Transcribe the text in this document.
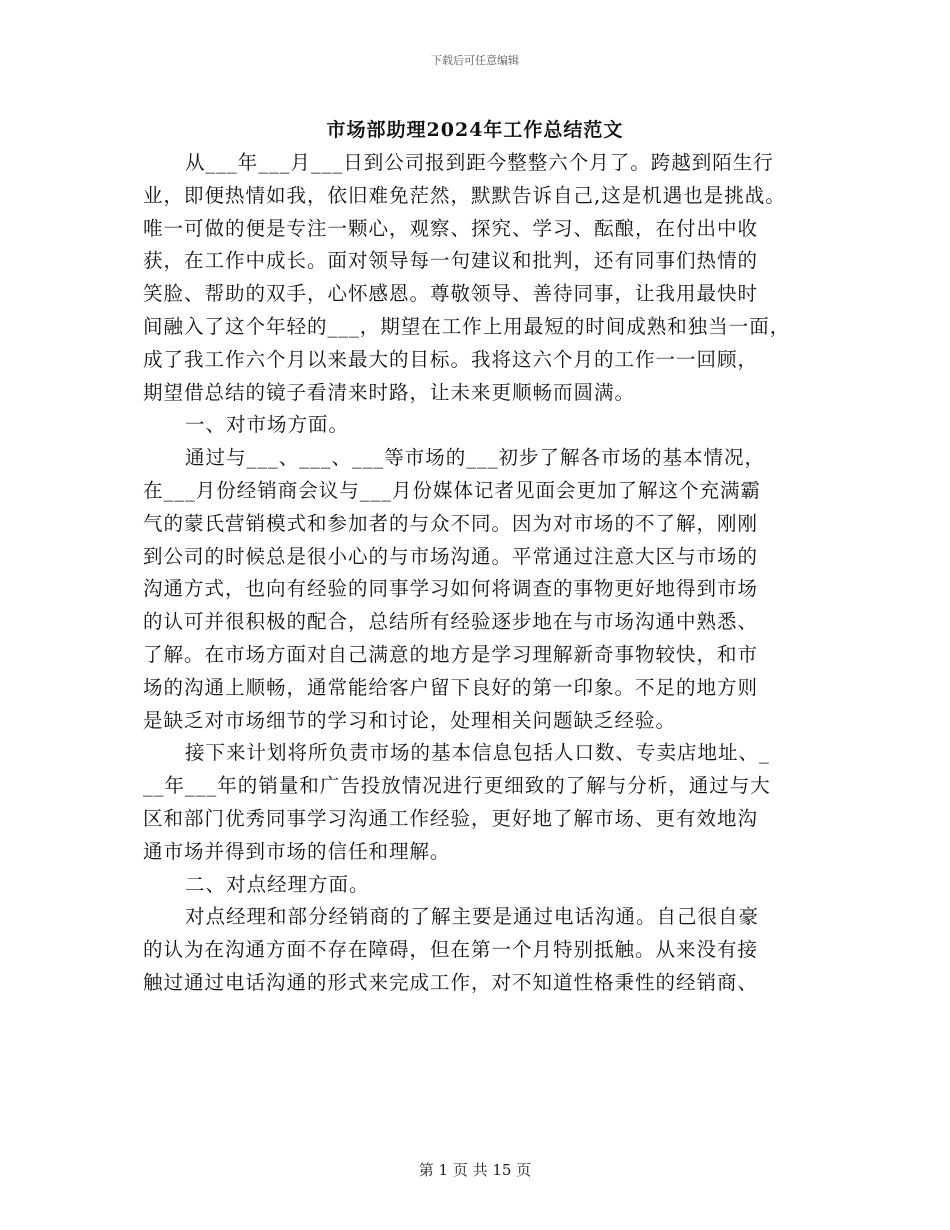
下载后可任意编辑
市场部助理2024年工作总结范文
从___年___月___日到公司报到距今整整六个月了。跨越到陌生行
业，即便热情如我，依旧难免茫然，默默告诉自己,这是机遇也是挑战。
唯一可做的便是专注一颗心，观察、探究、学习、酝酿，在付出中收
获，在工作中成长。面对领导每一句建议和批判，还有同事们热情的
笑脸、帮助的双手，心怀感恩。尊敬领导、善待同事，让我用最快时
间融入了这个年轻的___，期望在工作上用最短的时间成熟和独当一面，
成了我工作六个月以来最大的目标。我将这六个月的工作一一回顾，
期望借总结的镜子看清来时路，让未来更顺畅而圆满。
一、对市场方面。
通过与___、___、___等市场的___初步了解各市场的基本情况，
在___月份经销商会议与___月份媒体记者见面会更加了解这个充满霸
气的蒙氏营销模式和参加者的与众不同。因为对市场的不了解，刚刚
到公司的时候总是很小心的与市场沟通。平常通过注意大区与市场的
沟通方式，也向有经验的同事学习如何将调查的事物更好地得到市场
的认可并很积极的配合，总结所有经验逐步地在与市场沟通中熟悉、
了解。在市场方面对自己满意的地方是学习理解新奇事物较快，和市
场的沟通上顺畅，通常能给客户留下良好的第一印象。不足的地方则
是缺乏对市场细节的学习和讨论，处理相关问题缺乏经验。
接下来计划将所负责市场的基本信息包括人口数、专卖店地址、_
__年___年的销量和广告投放情况进行更细致的了解与分析，通过与大
区和部门优秀同事学习沟通工作经验，更好地了解市场、更有效地沟
通市场并得到市场的信任和理解。
二、对点经理方面。
对点经理和部分经销商的了解主要是通过电话沟通。自己很自豪
的认为在沟通方面不存在障碍，但在第一个月特别抵触。从来没有接
触过通过电话沟通的形式来完成工作，对不知道性格秉性的经销商、
第 1 页 共 15 页
